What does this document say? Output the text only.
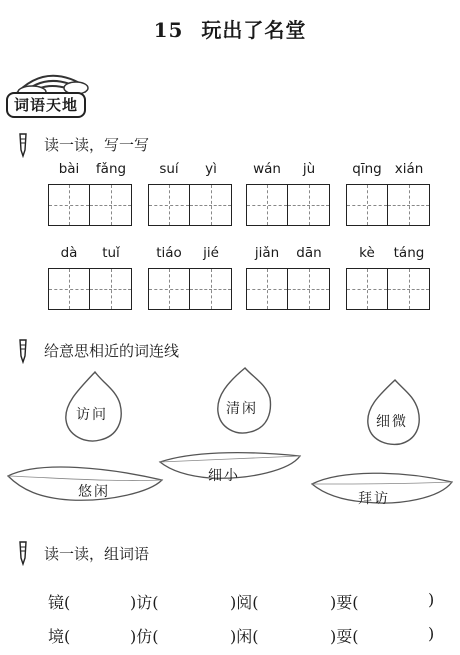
15 玩出了名堂
词语天地
读一读，写一写
bài	fǎng	suí	yì	wán	jù	qīng xián
dà	tuǐ	tiáo	jié	jiǎn	dān	kè	táng
给意思相近的词连线
访问	清闲
细微
悠闲
细小
拜访
读一读，组词语
镜(	)访(	)阅(	)要(	)
境(	)仿(	)闲(	)耍(	)
